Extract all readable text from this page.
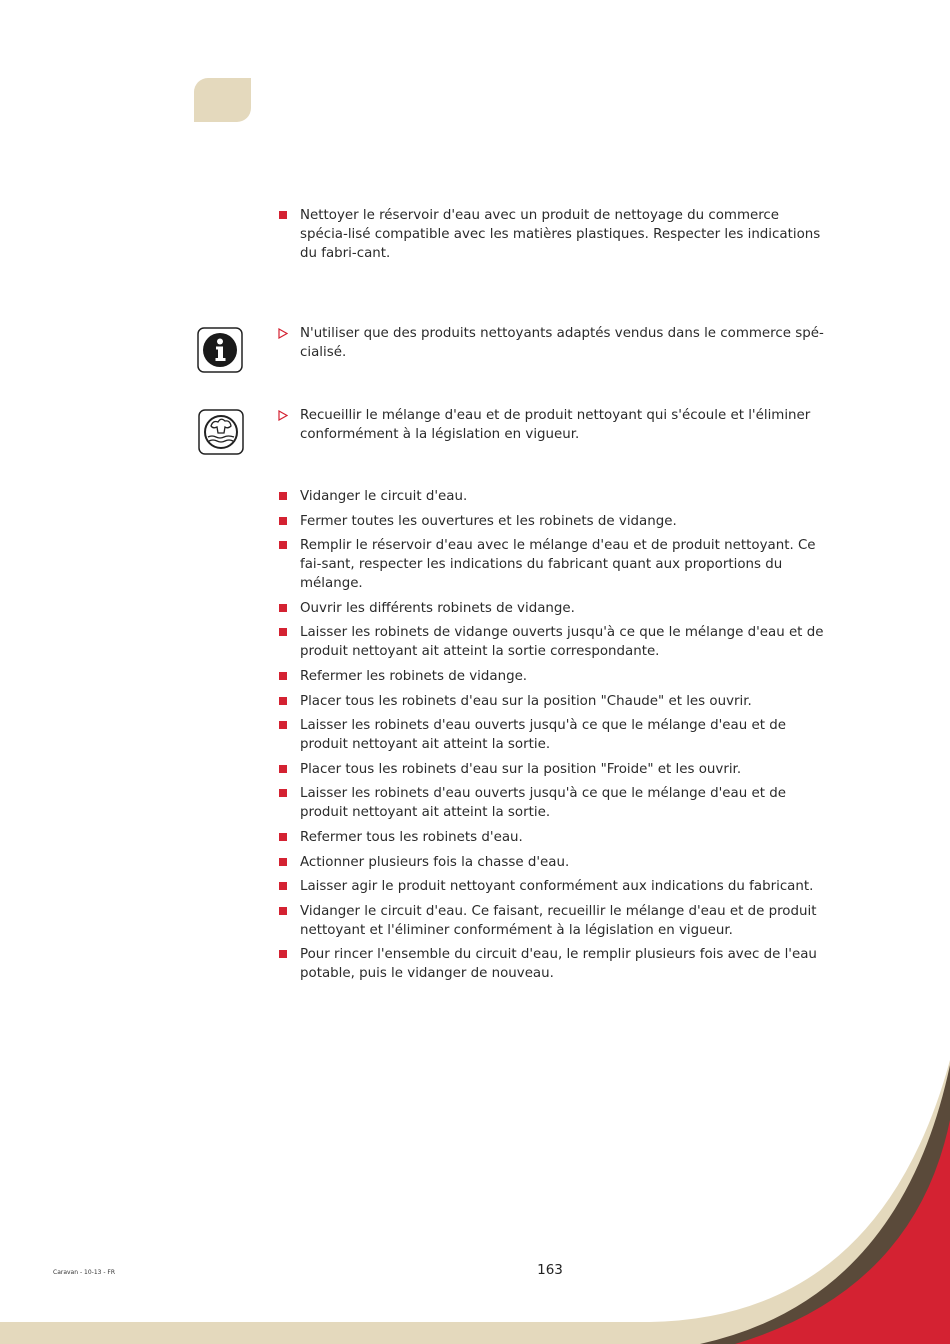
Nettoyer le réservoir d'eau avec un produit de nettoyage du commerce spécia-lisé compatible avec les matières plastiques. Respecter les indications du fabri-cant.
N'utiliser que des produits nettoyants adaptés vendus dans le commerce spé-cialisé.
Recueillir le mélange d'eau et de produit nettoyant qui s'écoule et l'éliminer conformément à la législation en vigueur.
Vidanger le circuit d'eau.
Fermer toutes les ouvertures et les robinets de vidange.
Remplir le réservoir d'eau avec le mélange d'eau et de produit nettoyant. Ce fai-sant, respecter les indications du fabricant quant aux proportions du mélange.
Ouvrir les différents robinets de vidange.
Laisser les robinets de vidange ouverts jusqu'à ce que le mélange d'eau et de produit nettoyant ait atteint la sortie correspondante.
Refermer les robinets de vidange.
Placer tous les robinets d'eau sur la position "Chaude" et les ouvrir.
Laisser les robinets d'eau ouverts jusqu'à ce que le mélange d'eau et de produit nettoyant ait atteint la sortie.
Placer tous les robinets d'eau sur la position "Froide" et les ouvrir.
Laisser les robinets d'eau ouverts jusqu'à ce que le mélange d'eau et de produit nettoyant ait atteint la sortie.
Refermer tous les robinets d'eau.
Actionner plusieurs fois la chasse d'eau.
Laisser agir le produit nettoyant conformément aux indications du fabricant.
Vidanger le circuit d'eau. Ce faisant, recueillir le mélange d'eau et de produit nettoyant et l'éliminer conformément à la législation en vigueur.
Pour rincer l'ensemble du circuit d'eau, le remplir plusieurs fois avec de l'eau potable, puis le vidanger de nouveau.
Caravan - 10-13 - FR	163
